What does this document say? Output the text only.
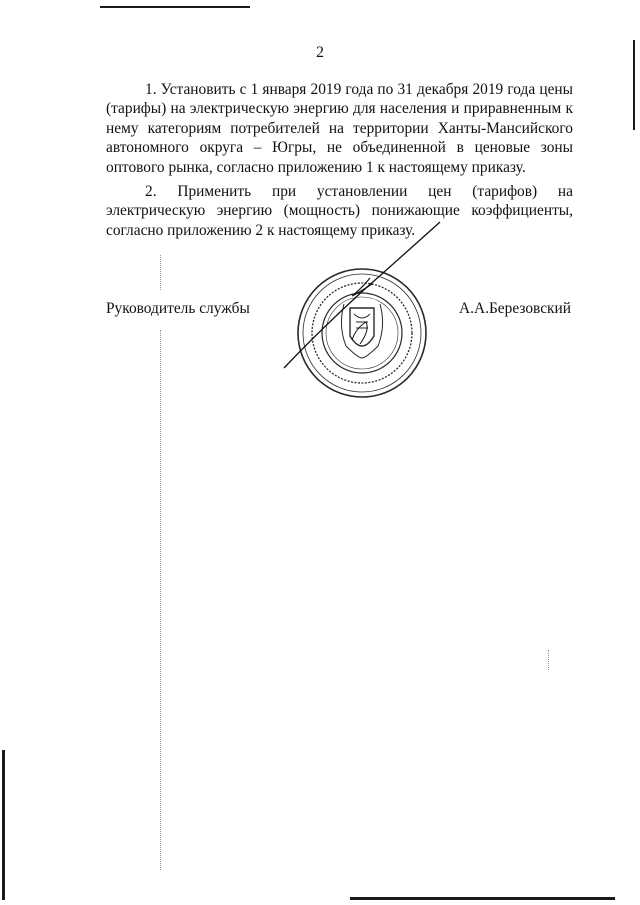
2

1. Установить с 1 января 2019 года по 31 декабря 2019 года цены (тарифы) на электрическую энергию для населения и приравненным к нему категориям потребителей на территории Ханты-Мансийского автономного округа – Югры, не объединенной в ценовые зоны оптового рынка, согласно приложению 1 к настоящему приказу.

2. Применить при установлении цен (тарифов) на электрическую энергию (мощность) понижающие коэффициенты, согласно приложению 2 к настоящему приказу.

Руководитель службы	А.А.Березовский
